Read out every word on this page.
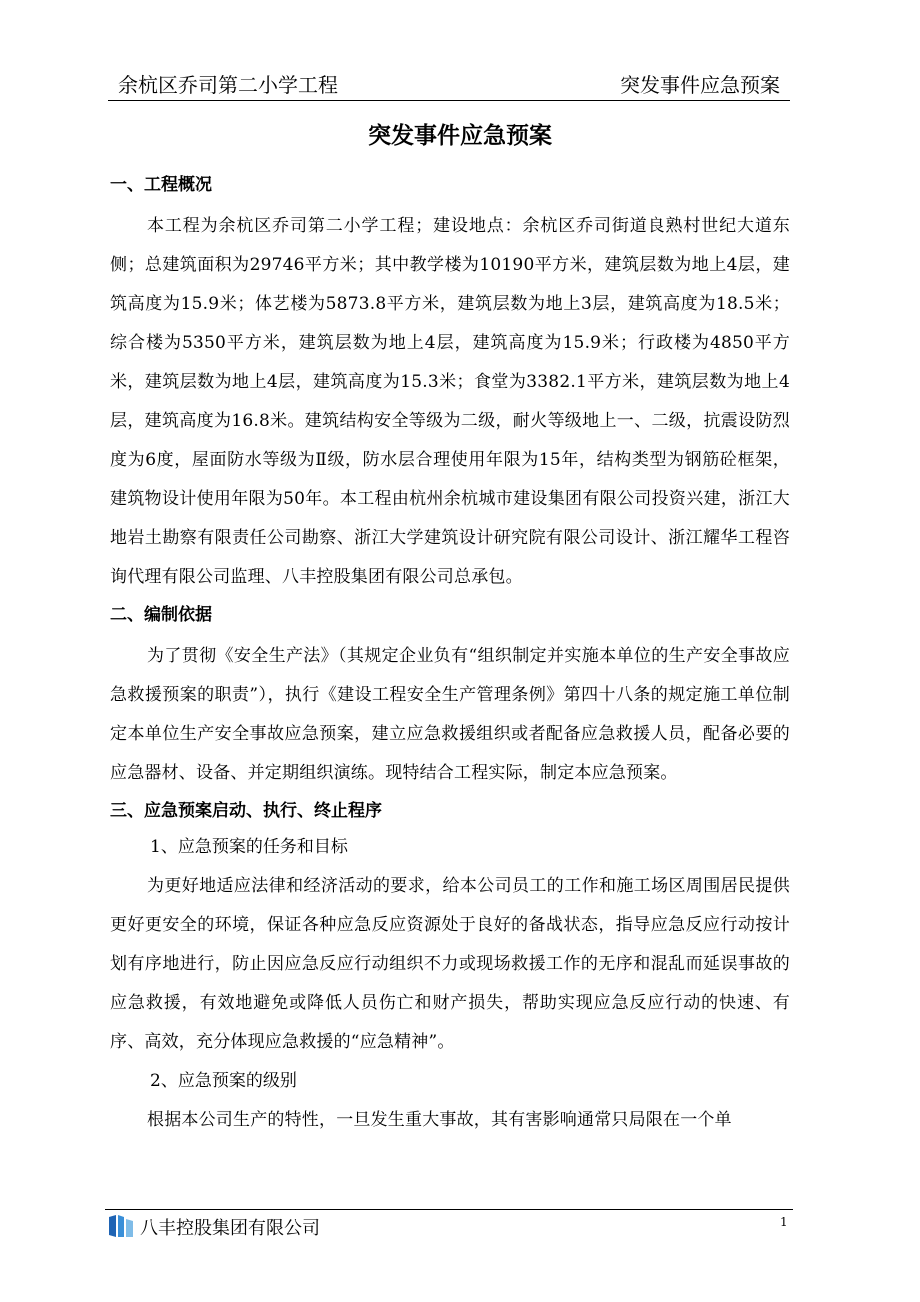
余杭区乔司第二小学工程	突发事件应急预案
突发事件应急预案

一、工程概况

本工程为余杭区乔司第二小学工程；建设地点：余杭区乔司街道良熟村世纪大道东侧；总建筑面积为29746平方米；其中教学楼为10190平方米，建筑层数为地上4层，建筑高度为15.9米；体艺楼为5873.8平方米，建筑层数为地上3层，建筑高度为18.5米；综合楼为5350平方米，建筑层数为地上4层，建筑高度为15.9米；行政楼为4850平方米，建筑层数为地上4层，建筑高度为15.3米；食堂为3382.1平方米，建筑层数为地上4层，建筑高度为16.8米。建筑结构安全等级为二级，耐火等级地上一、二级，抗震设防烈度为6度，屋面防水等级为Ⅱ级，防水层合理使用年限为15年，结构类型为钢筋砼框架，建筑物设计使用年限为50年。本工程由杭州余杭城市建设集团有限公司投资兴建，浙江大地岩土勘察有限责任公司勘察、浙江大学建筑设计研究院有限公司设计、浙江耀华工程咨询代理有限公司监理、八丰控股集团有限公司总承包。

二、编制依据

为了贯彻《安全生产法》（其规定企业负有“组织制定并实施本单位的生产安全事故应急救援预案的职责”），执行《建设工程安全生产管理条例》第四十八条的规定施工单位制定本单位生产安全事故应急预案，建立应急救援组织或者配备应急救援人员，配备必要的应急器材、设备、并定期组织演练。现特结合工程实际，制定本应急预案。

三、应急预案启动、执行、终止程序

1、应急预案的任务和目标

为更好地适应法律和经济活动的要求，给本公司员工的工作和施工场区周围居民提供更好更安全的环境，保证各种应急反应资源处于良好的备战状态，指导应急反应行动按计划有序地进行，防止因应急反应行动组织不力或现场救援工作的无序和混乱而延误事故的应急救援，有效地避免或降低人员伤亡和财产损失，帮助实现应急反应行动的快速、有序、高效，充分体现应急救援的“应急精神”。

2、应急预案的级别

根据本公司生产的特性，一旦发生重大事故，其有害影响通常只局限在一个单

八丰控股集团有限公司	1
